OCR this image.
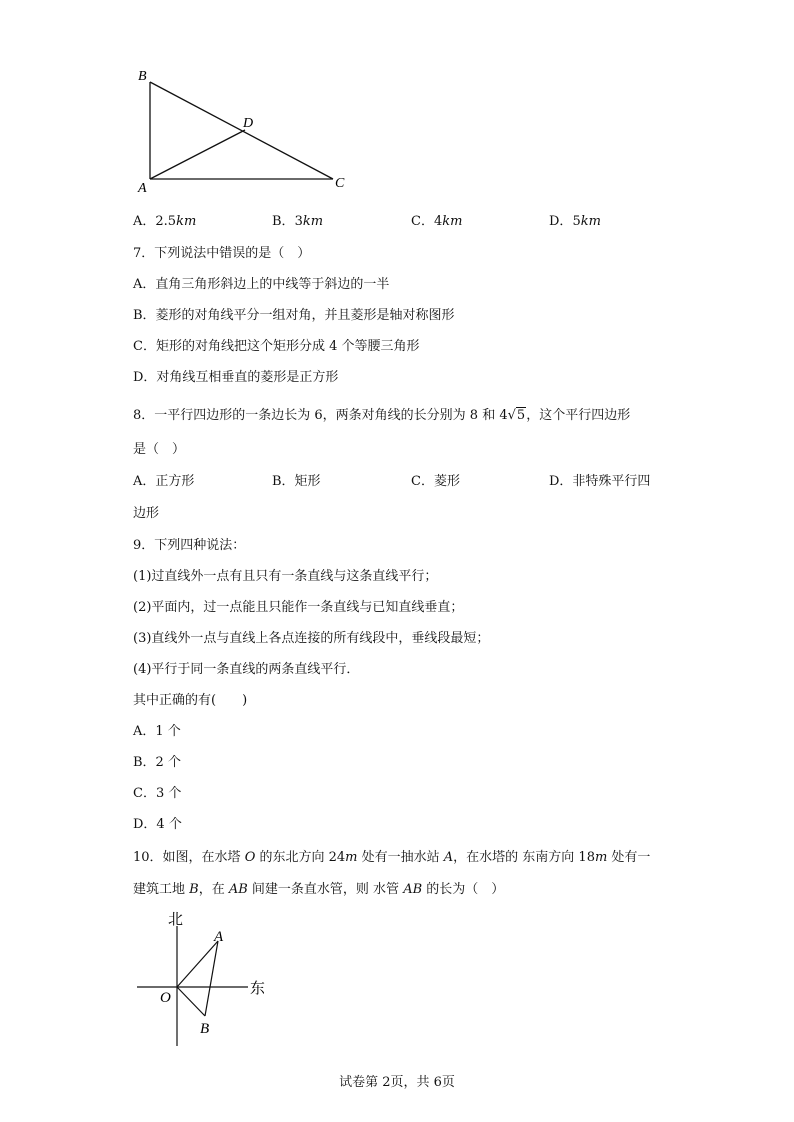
B
D
A	C
A．2.5km	B．3km	C．4km	D．5km
7．下列说法中错误的是（　）
A．直角三角形斜边上的中线等于斜边的一半
B．菱形的对角线平分一组对角，并且菱形是轴对称图形
C．矩形的对角线把这个矩形分成 4 个等腰三角形
D．对角线互相垂直的菱形是正方形
8．一平行四边形的一条边长为 6，两条对角线的长分别为 8 和 4√5，这个平行四边形
是（　）
A．正方形	B．矩形	C．菱形	D．非特殊平行四
边形
9．下列四种说法：
(1)过直线外一点有且只有一条直线与这条直线平行；
(2)平面内，过一点能且只能作一条直线与已知直线垂直；
(3)直线外一点与直线上各点连接的所有线段中，垂线段最短；
(4)平行于同一条直线的两条直线平行．
其中正确的有(　　)
A．1 个
B．2 个
C．3 个
D．4 个
10．如图，在水塔 O 的东北方向 24m 处有一抽水站 A，在水塔的 东南方向 18m 处有一
建筑工地 B，在 AB 间建一条直水管，则 水管 AB 的长为（　）
北
东
O
A
B
试卷第 2页，共 6页
